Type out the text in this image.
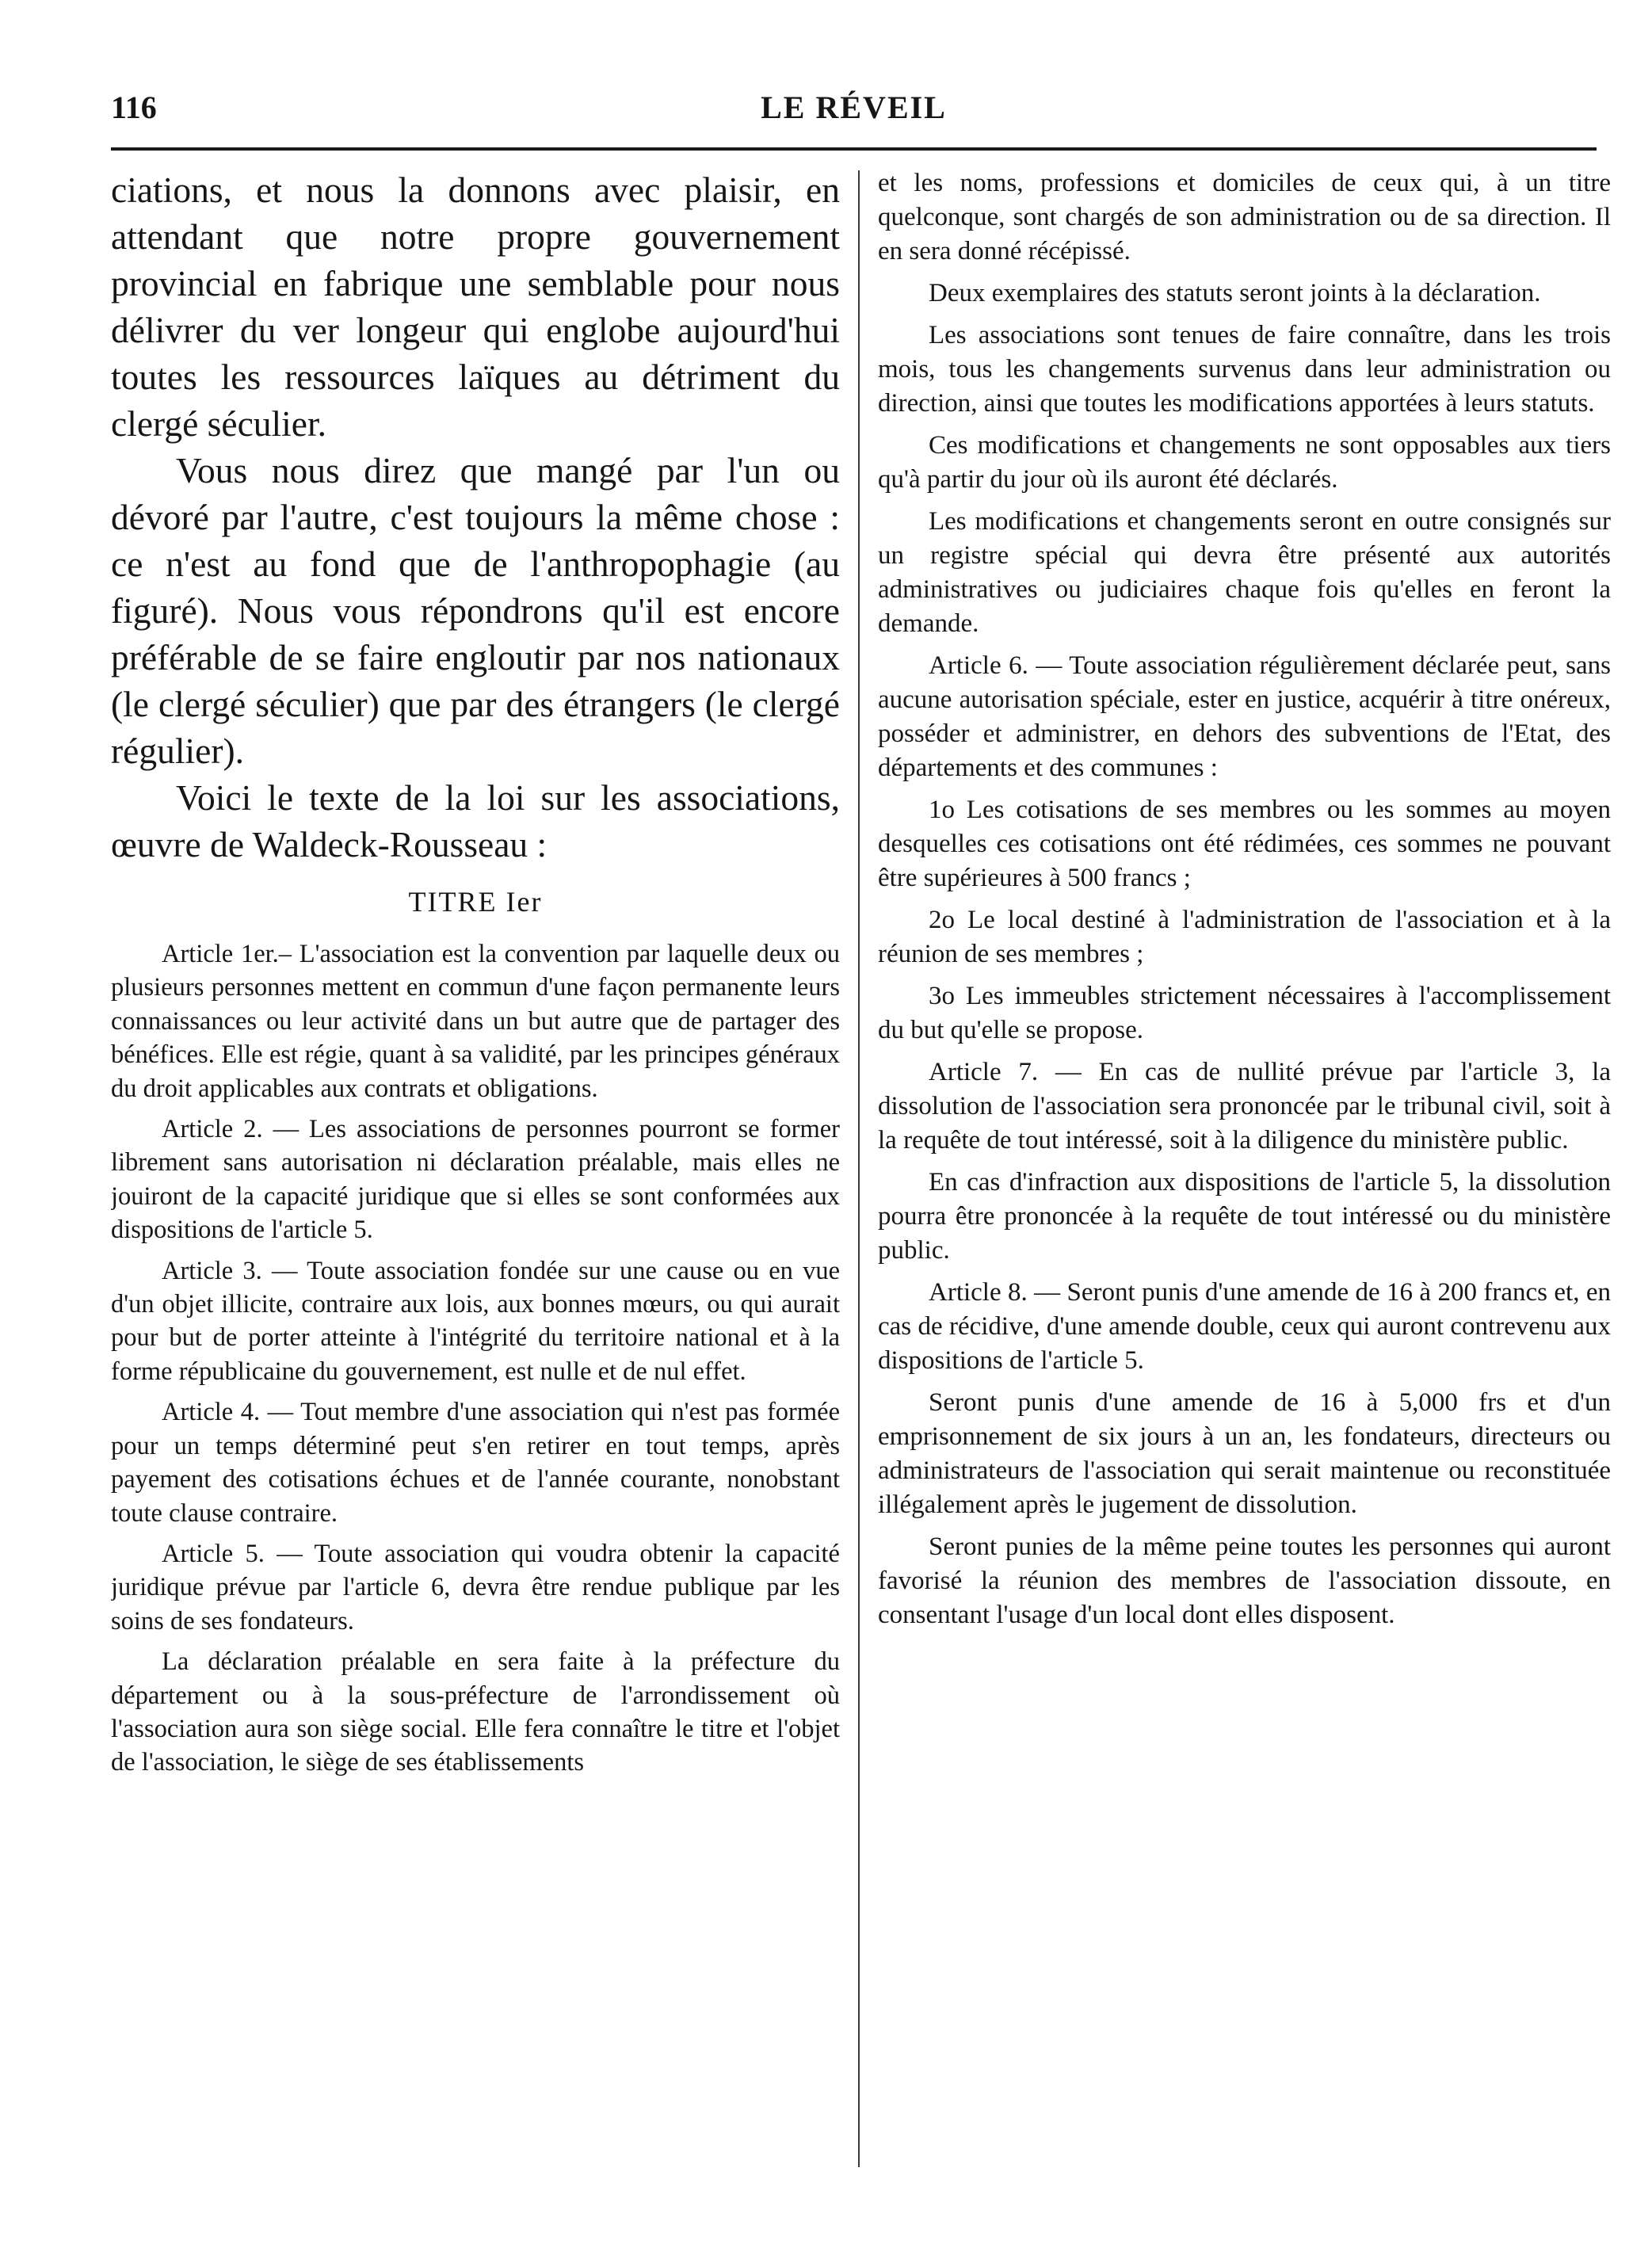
116	LE RÉVEIL

ciations, et nous la donnons avec plaisir, en attendant que notre propre gouvernement provincial en fabrique une semblable pour nous délivrer du ver longeur qui englobe aujourd'hui toutes les ressources laïques au détriment du clergé séculier.

Vous nous direz que mangé par l'un ou dévoré par l'autre, c'est toujours la même chose : ce n'est au fond que de l'anthropophagie (au figuré). Nous vous répondrons qu'il est encore préférable de se faire engloutir par nos nationaux (le clergé séculier) que par des étrangers (le clergé régulier).

Voici le texte de la loi sur les associations, œuvre de Waldeck-Rousseau :

TITRE Ier

Article 1er.– L'association est la convention par laquelle deux ou plusieurs personnes mettent en commun d'une façon permanente leurs connaissances ou leur activité dans un but autre que de partager des bénéfices. Elle est régie, quant à sa validité, par les principes généraux du droit applicables aux contrats et obligations.

Article 2. — Les associations de personnes pourront se former librement sans autorisation ni déclaration préalable, mais elles ne jouiront de la capacité juridique que si elles se sont conformées aux dispositions de l'article 5.

Article 3. — Toute association fondée sur une cause ou en vue d'un objet illicite, contraire aux lois, aux bonnes mœurs, ou qui aurait pour but de porter atteinte à l'intégrité du territoire national et à la forme républicaine du gouvernement, est nulle et de nul effet.

Article 4. — Tout membre d'une association qui n'est pas formée pour un temps déterminé peut s'en retirer en tout temps, après payement des cotisations échues et de l'année courante, nonobstant toute clause contraire.

Article 5. — Toute association qui voudra obtenir la capacité juridique prévue par l'article 6, devra être rendue publique par les soins de ses fondateurs.

La déclaration préalable en sera faite à la préfecture du département ou à la sous-préfecture de l'arrondissement où l'association aura son siège social. Elle fera connaître le titre et l'objet de l'association, le siège de ses établissements

et les noms, professions et domiciles de ceux qui, à un titre quelconque, sont chargés de son administration ou de sa direction. Il en sera donné récépissé.

Deux exemplaires des statuts seront joints à la déclaration.

Les associations sont tenues de faire connaître, dans les trois mois, tous les changements survenus dans leur administration ou direction, ainsi que toutes les modifications apportées à leurs statuts.

Ces modifications et changements ne sont opposables aux tiers qu'à partir du jour où ils auront été déclarés.

Les modifications et changements seront en outre consignés sur un registre spécial qui devra être présenté aux autorités administratives ou judiciaires chaque fois qu'elles en feront la demande.

Article 6. — Toute association régulièrement déclarée peut, sans aucune autorisation spéciale, ester en justice, acquérir à titre onéreux, posséder et administrer, en dehors des subventions de l'Etat, des départements et des communes :

1o Les cotisations de ses membres ou les sommes au moyen desquelles ces cotisations ont été rédimées, ces sommes ne pouvant être supérieures à 500 francs ;

2o Le local destiné à l'administration de l'association et à la réunion de ses membres ;

3o Les immeubles strictement nécessaires à l'accomplissement du but qu'elle se propose.

Article 7. — En cas de nullité prévue par l'article 3, la dissolution de l'association sera prononcée par le tribunal civil, soit à la requête de tout intéressé, soit à la diligence du ministère public.

En cas d'infraction aux dispositions de l'article 5, la dissolution pourra être prononcée à la requête de tout intéressé ou du ministère public.

Article 8. — Seront punis d'une amende de 16 à 200 francs et, en cas de récidive, d'une amende double, ceux qui auront contrevenu aux dispositions de l'article 5.

Seront punis d'une amende de 16 à 5,000 frs et d'un emprisonnement de six jours à un an, les fondateurs, directeurs ou administrateurs de l'association qui serait maintenue ou reconstituée illégalement après le jugement de dissolution.

Seront punies de la même peine toutes les personnes qui auront favorisé la réunion des membres de l'association dissoute, en consentant l'usage d'un local dont elles disposent.
